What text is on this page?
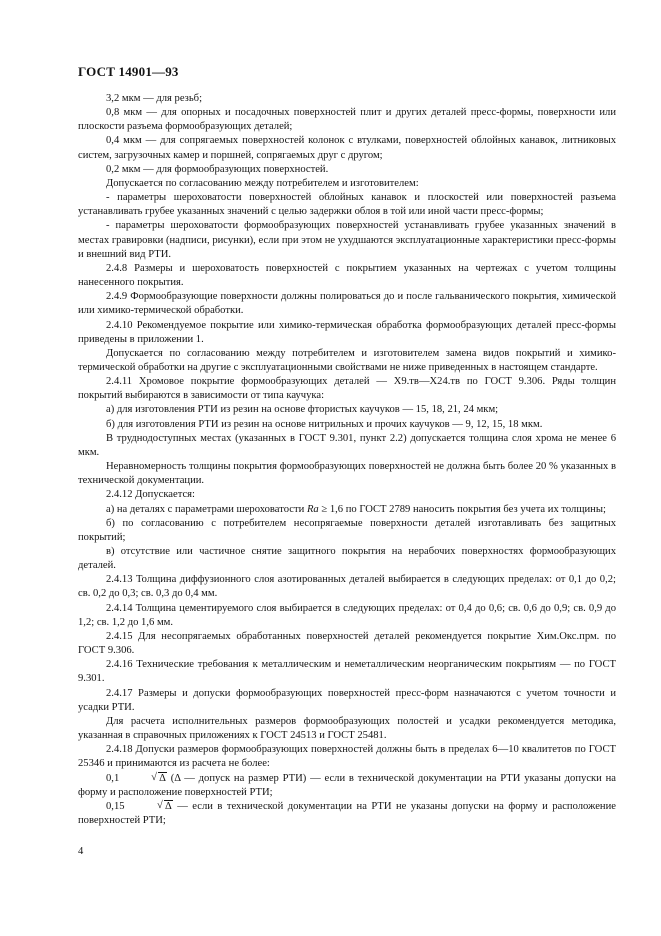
ГОСТ 14901—93

3,2 мкм — для резьб;

0,8 мкм — для опорных и посадочных поверхностей плит и других деталей пресс-формы, поверхности или плоскости разъема формообразующих деталей;

0,4 мкм — для сопрягаемых поверхностей колонок с втулками, поверхностей облойных канавок, литниковых систем, загрузочных камер и поршней, сопрягаемых друг с другом;

0,2 мкм — для формообразующих поверхностей.

Допускается по согласованию между потребителем и изготовителем:

- параметры шероховатости поверхностей облойных канавок и плоскостей или поверхностей разъема устанавливать грубее указанных значений с целью задержки облоя в той или иной части пресс-формы;

- параметры шероховатости формообразующих поверхностей устанавливать грубее указанных значений в местах гравировки (надписи, рисунки), если при этом не ухудшаются эксплуатационные характеристики пресс-формы и внешний вид РТИ.

2.4.8 Размеры и шероховатость поверхностей с покрытием указанных на чертежах с учетом толщины нанесенного покрытия.

2.4.9 Формообразующие поверхности должны полироваться до и после гальванического покрытия, химической или химико-термической обработки.

2.4.10 Рекомендуемое покрытие или химико-термическая обработка формообразующих деталей пресс-формы приведены в приложении 1.

Допускается по согласованию между потребителем и изготовителем замена видов покрытий и химико-термической обработки на другие с эксплуатационными свойствами не ниже приведенных в настоящем стандарте.

2.4.11 Хромовое покрытие формообразующих деталей — Х9.тв—Х24.тв по ГОСТ 9.306. Ряды толщин покрытий выбираются в зависимости от типа каучука:

а) для изготовления РТИ из резин на основе фтористых каучуков — 15, 18, 21, 24 мкм;

б) для изготовления РТИ из резин на основе нитрильных и прочих каучуков — 9, 12, 15, 18 мкм.

В труднодоступных местах (указанных в ГОСТ 9.301, пункт 2.2) допускается толщина слоя хрома не менее 6 мкм.

Неравномерность толщины покрытия формообразующих поверхностей не должна быть более 20 % указанных в технической документации.

2.4.12 Допускается:

а) на деталях с параметрами шероховатости Ra ≥ 1,6 по ГОСТ 2789 наносить покрытия без учета их толщины;

б) по согласованию с потребителем несопрягаемые поверхности деталей изготавливать без защитных покрытий;

в) отсутствие или частичное снятие защитного покрытия на нерабочих поверхностях формообразующих деталей.

2.4.13 Толщина диффузионного слоя азотированных деталей выбирается в следующих пределах: от 0,1 до 0,2; св. 0,2 до 0,3; св. 0,3 до 0,4 мм.

2.4.14 Толщина цементируемого слоя выбирается в следующих пределах: от 0,4 до 0,6; св. 0,6 до 0,9; св. 0,9 до 1,2; св. 1,2 до 1,6 мм.

2.4.15 Для несопрягаемых обработанных поверхностей деталей рекомендуется покрытие Хим.Окс.прм. по ГОСТ 9.306.

2.4.16 Технические требования к металлическим и неметаллическим неорганическим покрытиям — по ГОСТ 9.301.

2.4.17 Размеры и допуски формообразующих поверхностей пресс-форм назначаются с учетом точности и усадки РТИ.

Для расчета исполнительных размеров формообразующих полостей и усадки рекомендуется методика, указанная в справочных приложениях к ГОСТ 24513 и ГОСТ 25481.

2.4.18 Допуски размеров формообразующих поверхностей должны быть в пределах 6—10 квалитетов по ГОСТ 25346 и принимаются из расчета не более:

0,1	√ Δ (Δ — допуск на размер РТИ) — если в технической документации на РТИ указаны допуски на форму и расположение поверхностей РТИ;

0,15	√ Δ — если в технической документации на РТИ не указаны допуски на форму и расположение поверхностей РТИ;

4
